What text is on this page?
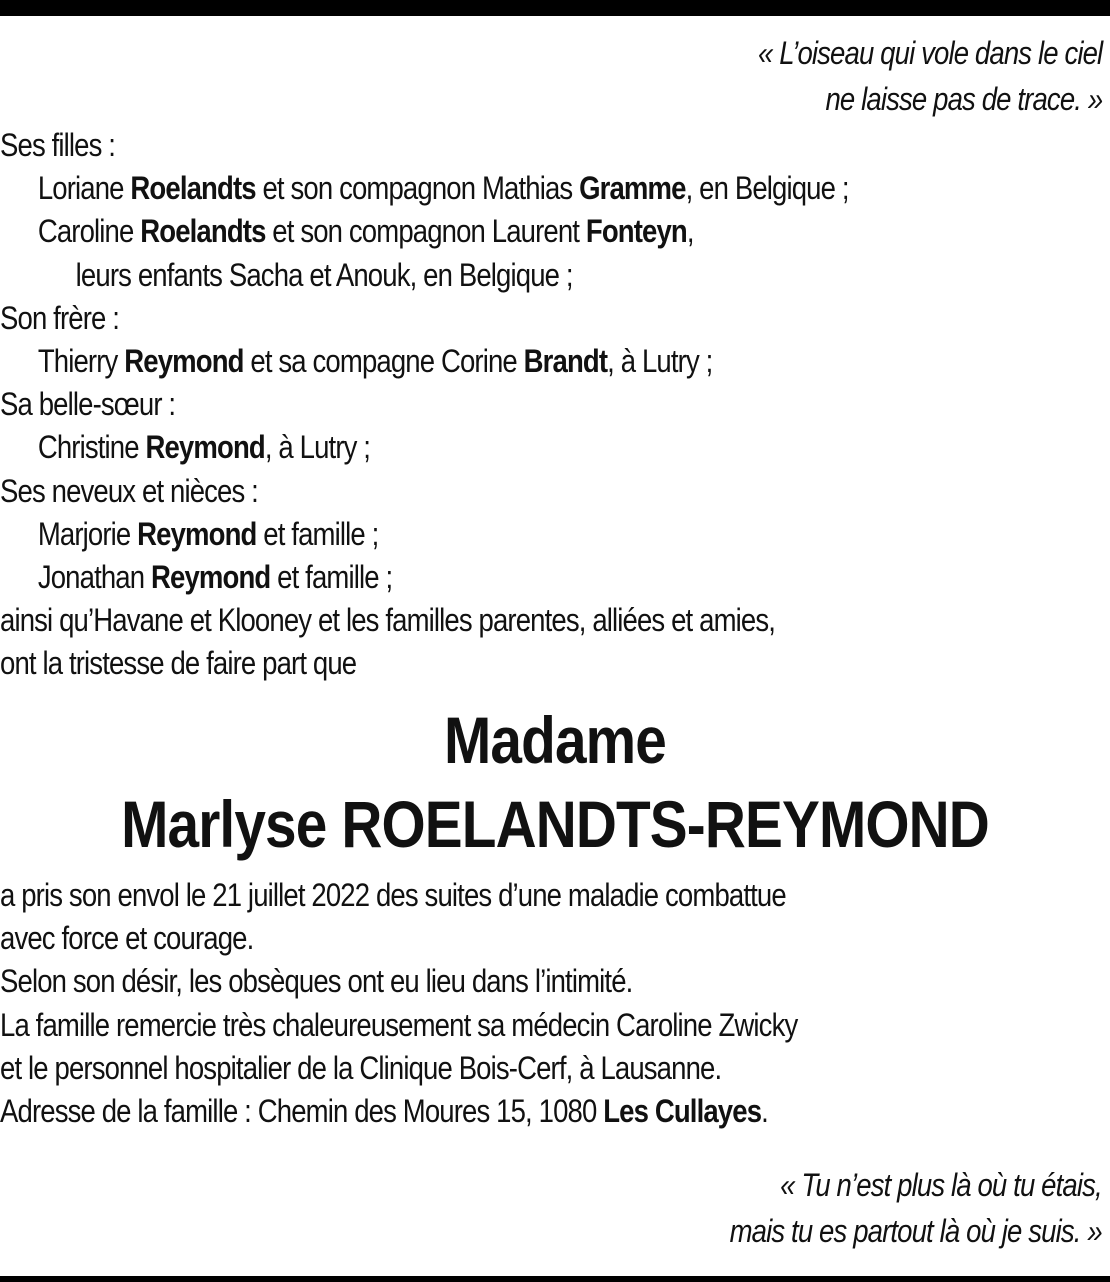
« L’oiseau qui vole dans le ciel
ne laisse pas de trace. »
Ses filles :
Loriane Roelandts et son compagnon Mathias Gramme, en Belgique ;
Caroline Roelandts et son compagnon Laurent Fonteyn,
leurs enfants Sacha et Anouk, en Belgique ;
Son frère :
Thierry Reymond et sa compagne Corine Brandt, à Lutry ;
Sa belle-sœur :
Christine Reymond, à Lutry ;
Ses neveux et nièces :
Marjorie Reymond et famille ;
Jonathan Reymond et famille ;
ainsi qu’Havane et Klooney et les familles parentes, alliées et amies,
ont la tristesse de faire part que
Madame
Marlyse ROELANDTS-REYMOND
a pris son envol le 21 juillet 2022 des suites d’une maladie combattue
avec force et courage.
Selon son désir, les obsèques ont eu lieu dans l’intimité.
La famille remercie très chaleureusement sa médecin Caroline Zwicky
et le personnel hospitalier de la Clinique Bois-Cerf, à Lausanne.
Adresse de la famille : Chemin des Moures 15, 1080 Les Cullayes.
« Tu n’est plus là où tu étais,
mais tu es partout là où je suis. »
